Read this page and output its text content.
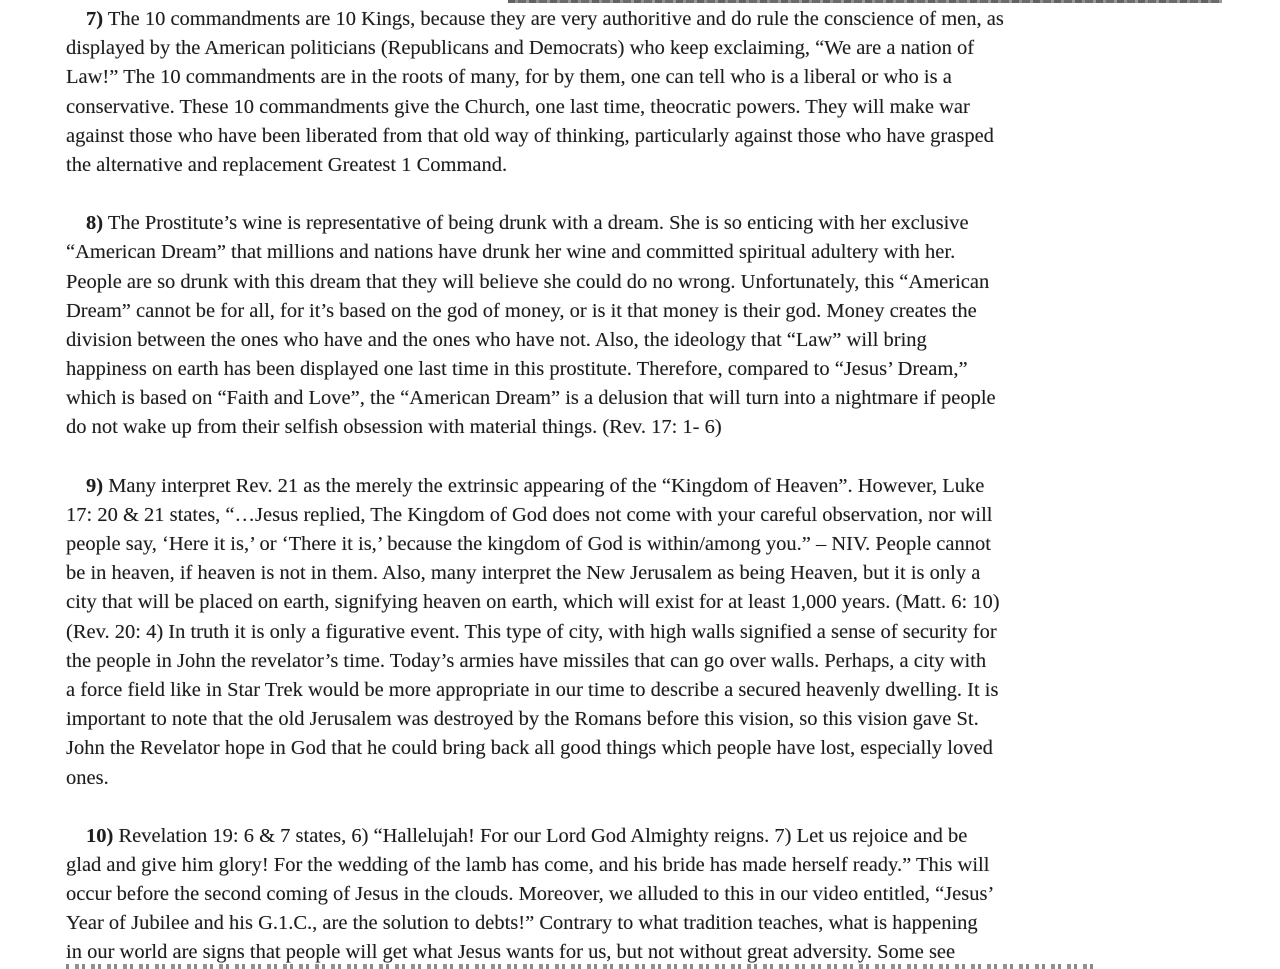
7) The 10 commandments are 10 Kings, because they are very authoritive and do rule the conscience of men, as
displayed by the American politicians (Republicans and Democrats) who keep exclaiming, “We are a nation of
Law!” The 10 commandments are in the roots of many, for by them, one can tell who is a liberal or who is a
conservative. These 10 commandments give the Church, one last time, theocratic powers. They will make war
against those who have been liberated from that old way of thinking, particularly against those who have grasped
the alternative and replacement Greatest 1 Command.
8) The Prostitute’s wine is representative of being drunk with a dream. She is so enticing with her exclusive
“American Dream” that millions and nations have drunk her wine and committed spiritual adultery with her.
People are so drunk with this dream that they will believe she could do no wrong. Unfortunately, this “American
Dream” cannot be for all, for it’s based on the god of money, or is it that money is their god. Money creates the
division between the ones who have and the ones who have not. Also, the ideology that “Law” will bring
happiness on earth has been displayed one last time in this prostitute. Therefore, compared to “Jesus’ Dream,”
which is based on “Faith and Love”, the “American Dream” is a delusion that will turn into a nightmare if people
do not wake up from their selfish obsession with material things. (Rev. 17: 1- 6)
9) Many interpret Rev. 21 as the merely the extrinsic appearing of the “Kingdom of Heaven”. However, Luke
17: 20 & 21 states, “…Jesus replied, The Kingdom of God does not come with your careful observation, nor will
people say, ‘Here it is,’ or ‘There it is,’ because the kingdom of God is within/among you.” – NIV. People cannot
be in heaven, if heaven is not in them. Also, many interpret the New Jerusalem as being Heaven, but it is only a
city that will be placed on earth, signifying heaven on earth, which will exist for at least 1,000 years. (Matt. 6: 10)
(Rev. 20: 4) In truth it is only a figurative event. This type of city, with high walls signified a sense of security for
the people in John the revelator’s time. Today’s armies have missiles that can go over walls. Perhaps, a city with
a force field like in Star Trek would be more appropriate in our time to describe a secured heavenly dwelling. It is
important to note that the old Jerusalem was destroyed by the Romans before this vision, so this vision gave St.
John the Revelator hope in God that he could bring back all good things which people have lost, especially loved
ones.
10) Revelation 19: 6 & 7 states, 6) “Hallelujah! For our Lord God Almighty reigns. 7) Let us rejoice and be
glad and give him glory! For the wedding of the lamb has come, and his bride has made herself ready.” This will
occur before the second coming of Jesus in the clouds. Moreover, we alluded to this in our video entitled, “Jesus’
Year of Jubilee and his G.1.C., are the solution to debts!” Contrary to what tradition teaches, what is happening
in our world are signs that people will get what Jesus wants for us, but not without great adversity. Some see
